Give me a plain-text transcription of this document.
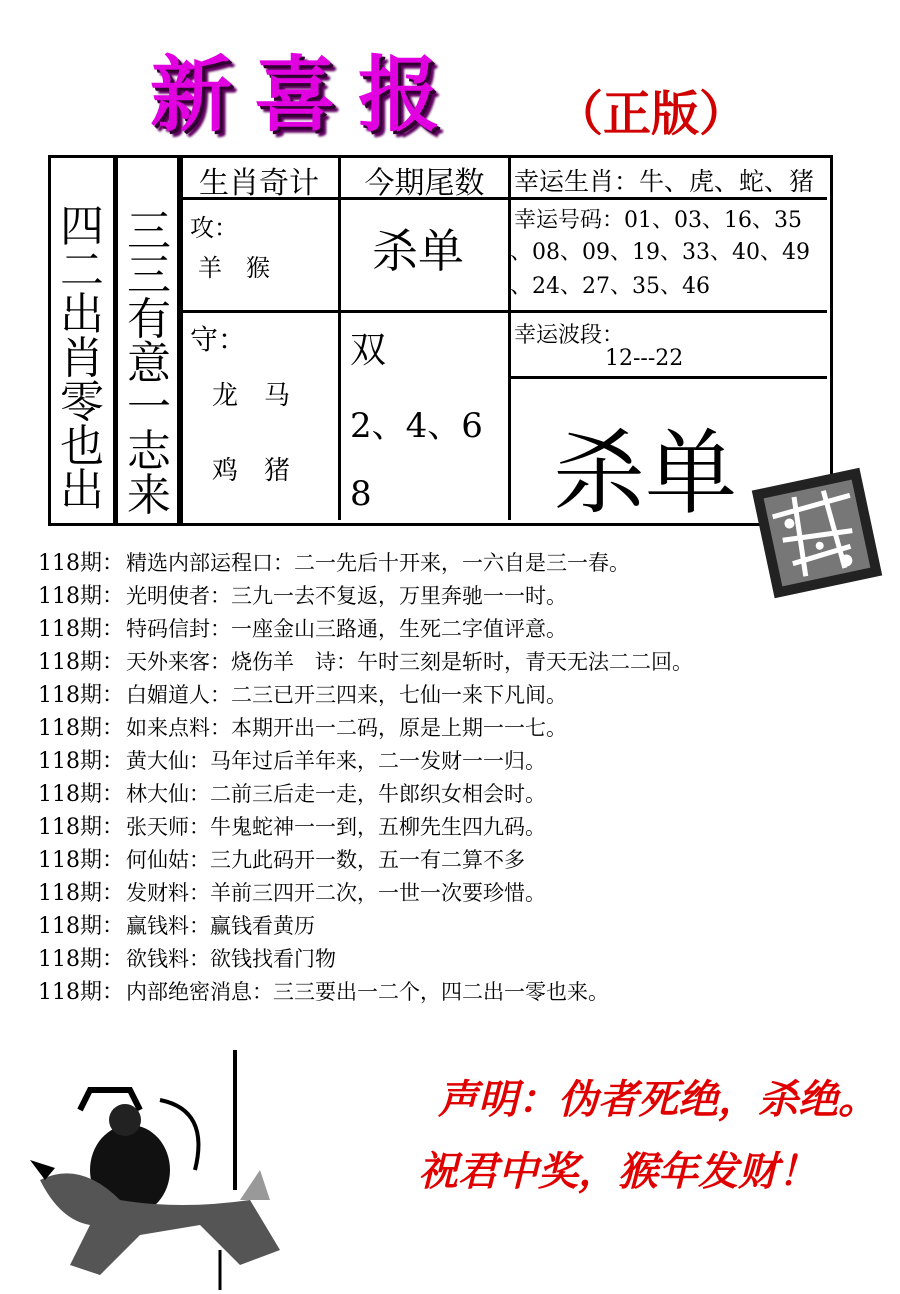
新喜报 （正版）
四二出肖零也出
三三有意一志来
生肖奇计	今期尾数	幸运生肖：牛、虎、蛇、猪
幸运号码：01、03、16、35
、08、09、19、33、40、49
、24、27、35、46
攻：
羊　猴 杀单
守：
龙　马
鸡　猪
双
2、4、6
8
幸运波段：
12---22
杀单
118期： 精选内部运程口：二一先后十开来，一六自是三一春。
118期： 光明使者：三九一去不复返，万里奔驰一一时。
118期： 特码信封：一座金山三路通，生死二字值评意。
118期： 天外来客：烧伤羊　诗：午时三刻是斩时，青天无法二二回。
118期： 白媚道人：二三已开三四来，七仙一来下凡间。
118期： 如来点料：本期开出一二码，原是上期一一七。
118期： 黄大仙：马年过后羊年来，二一发财一一归。
118期： 林大仙：二前三后走一走，牛郎织女相会时。
118期： 张天师：牛鬼蛇神一一到，五柳先生四九码。
118期： 何仙姑：三九此码开一数，五一有二算不多
118期： 发财料：羊前三四开二次，一世一次要珍惜。
118期： 赢钱料：赢钱看黄历
118期： 欲钱料：欲钱找看门物
118期： 内部绝密消息：三三要出一二个，四二出一零也来。
声明：伪者死绝，杀绝。
祝君中奖，猴年发财！
